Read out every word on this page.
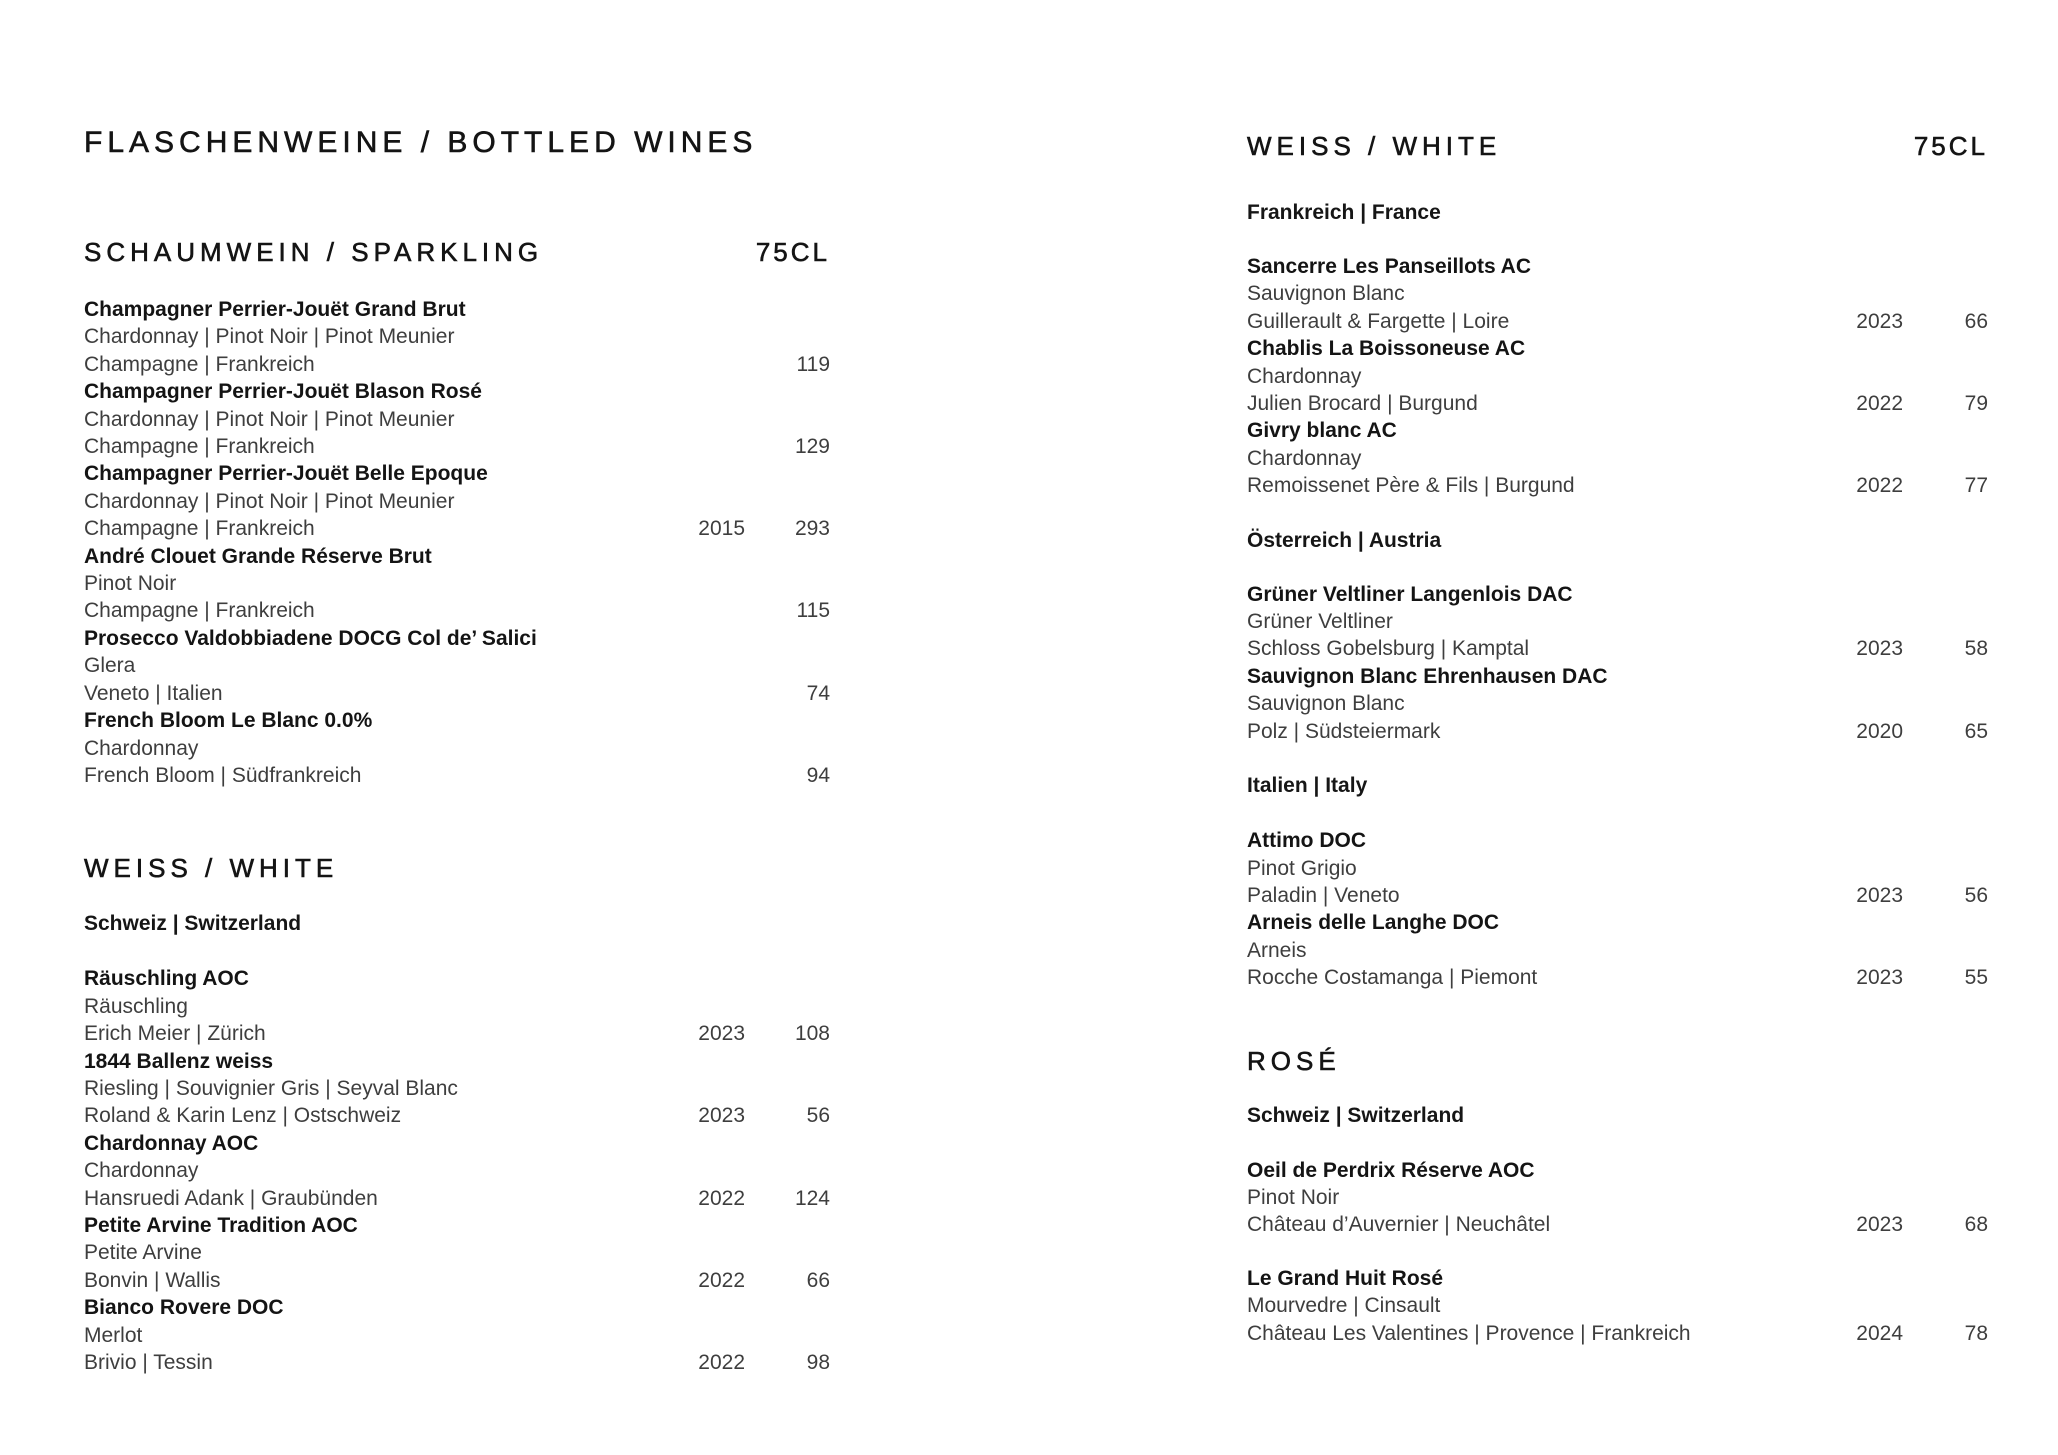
FLASCHENWEINE / BOTTLED WINES
SCHAUMWEIN / SPARKLING	75CL
Champagner Perrier-Jouët Grand Brut
Chardonnay | Pinot Noir | Pinot Meunier
Champagne | Frankreich	119
Champagner Perrier-Jouët Blason Rosé
Chardonnay | Pinot Noir | Pinot Meunier
Champagne | Frankreich	129
Champagner Perrier-Jouët Belle Epoque
Chardonnay | Pinot Noir | Pinot Meunier
Champagne | Frankreich	2015 293
André Clouet Grande Réserve Brut
Pinot Noir
Champagne | Frankreich	115
Prosecco Valdobbiadene DOCG Col de’ Salici
Glera
Veneto | Italien	74
French Bloom Le Blanc 0.0%
Chardonnay
French Bloom | Südfrankreich	94
WEISS / WHITE
Schweiz | Switzerland
Räuschling AOC
Räuschling
Erich Meier | Zürich	2023 108
1844 Ballenz weiss
Riesling | Souvignier Gris | Seyval Blanc
Roland & Karin Lenz | Ostschweiz	2023	56
Chardonnay AOC
Chardonnay
Hansruedi Adank | Graubünden	2022 124
Petite Arvine Tradition AOC
Petite Arvine
Bonvin | Wallis	2022	66
Bianco Rovere DOC
Merlot
Brivio | Tessin	2022	98
WEISS / WHITE	75CL
Frankreich | France
Sancerre Les Panseillots AC
Sauvignon Blanc
Guillerault & Fargette | Loire	2023	66
Chablis La Boissoneuse AC
Chardonnay
Julien Brocard | Burgund	2022	79
Givry blanc AC
Chardonnay
Remoissenet Père & Fils | Burgund	2022	77
Österreich | Austria
Grüner Veltliner Langenlois DAC
Grüner Veltliner
Schloss Gobelsburg | Kamptal	2023	58
Sauvignon Blanc Ehrenhausen DAC
Sauvignon Blanc
Polz | Südsteiermark	2020	65
Italien | Italy
Attimo DOC
Pinot Grigio
Paladin | Veneto	2023	56
Arneis delle Langhe DOC
Arneis
Rocche Costamanga | Piemont	2023	55
ROSÉ
Schweiz | Switzerland
Oeil de Perdrix Réserve AOC
Pinot Noir
Château d’Auvernier | Neuchâtel	2023	68
Le Grand Huit Rosé
Mourvedre | Cinsault
Château Les Valentines | Provence | Frankreich	2024	78
